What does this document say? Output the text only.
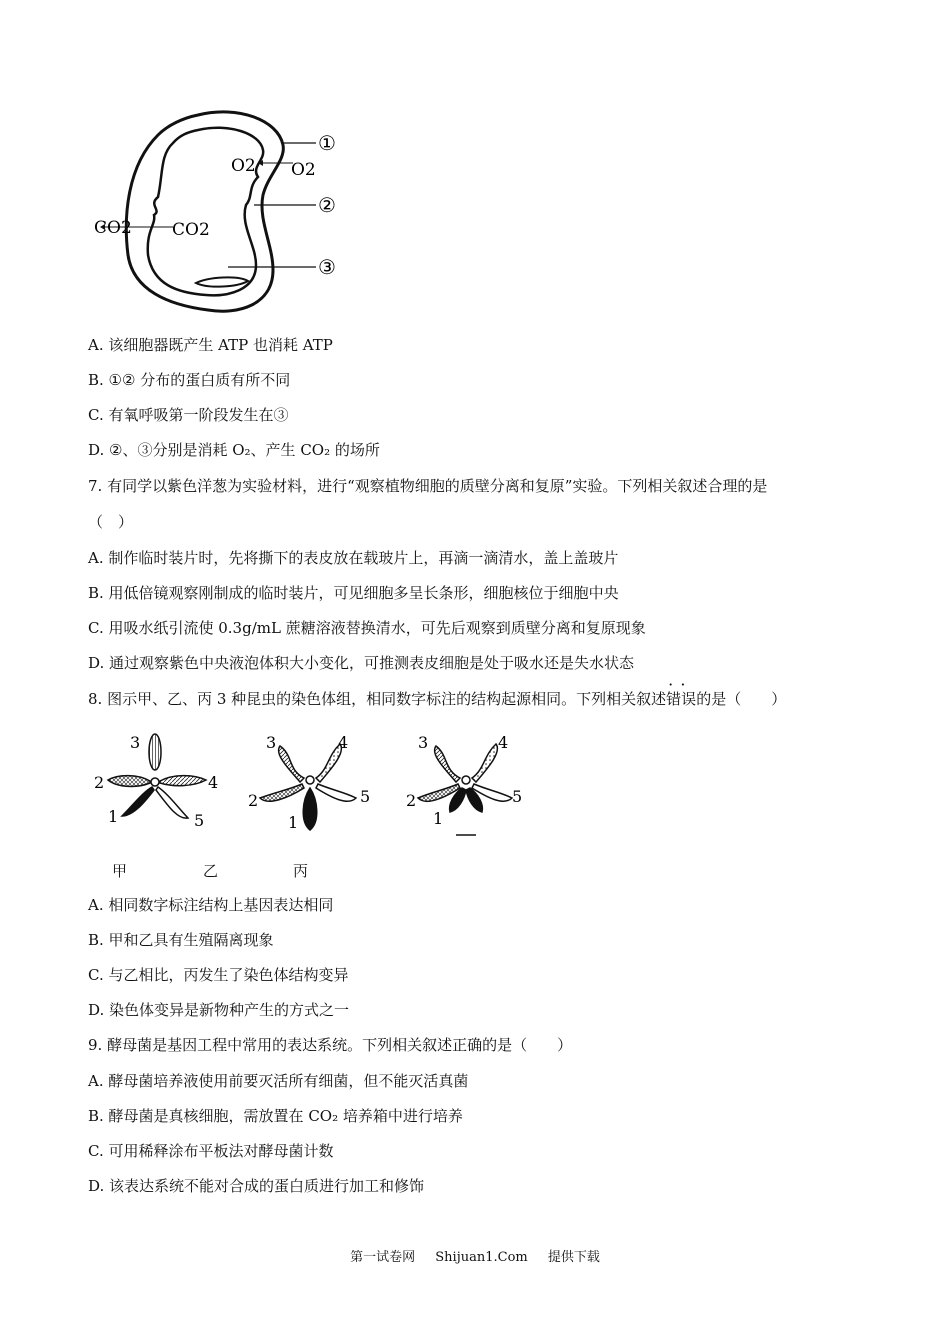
O2 O2
CO2 CO2
①
②
③
A. 该细胞器既产生 ATP 也消耗 ATP
B. ①② 分布的蛋白质有所不同
C. 有氧呼吸第一阶段发生在③
D. ②、③分别是消耗 O₂、产生 CO₂ 的场所
7. 有同学以紫色洋葱为实验材料，进行“观察植物细胞的质壁分离和复原”实验。下列相关叙述合理的是
（　）
A. 制作临时装片时，先将撕下的表皮放在载玻片上，再滴一滴清水，盖上盖玻片
B. 用低倍镜观察刚制成的临时装片，可见细胞多呈长条形，细胞核位于细胞中央
C. 用吸水纸引流使 0.3g/mL 蔗糖溶液替换清水，可先后观察到质壁分离和复原现象
D. 通过观察紫色中央液泡体积大小变化，可推测表皮细胞是处于吸水还是失水状态
8. 图示甲、乙、丙 3 种昆虫的染色体组，相同数字标注的结构起源相同。下列相关叙述· · 错误的是（　　）
3
2	4
1	5
3	4
2	5
1
3	4
2	5
1
甲	乙	丙
A. 相同数字标注结构上基因表达相同
B. 甲和乙具有生殖隔离现象
C. 与乙相比，丙发生了染色体结构变异
D. 染色体变异是新物种产生的方式之一
9. 酵母菌是基因工程中常用的表达系统。下列相关叙述正确的是（　　）
A. 酵母菌培养液使用前要灭活所有细菌，但不能灭活真菌
B. 酵母菌是真核细胞，需放置在 CO₂ 培养箱中进行培养
C. 可用稀释涂布平板法对酵母菌计数
D. 该表达系统不能对合成的蛋白质进行加工和修饰
第一试卷网 Shijuan1.Com 提供下载
